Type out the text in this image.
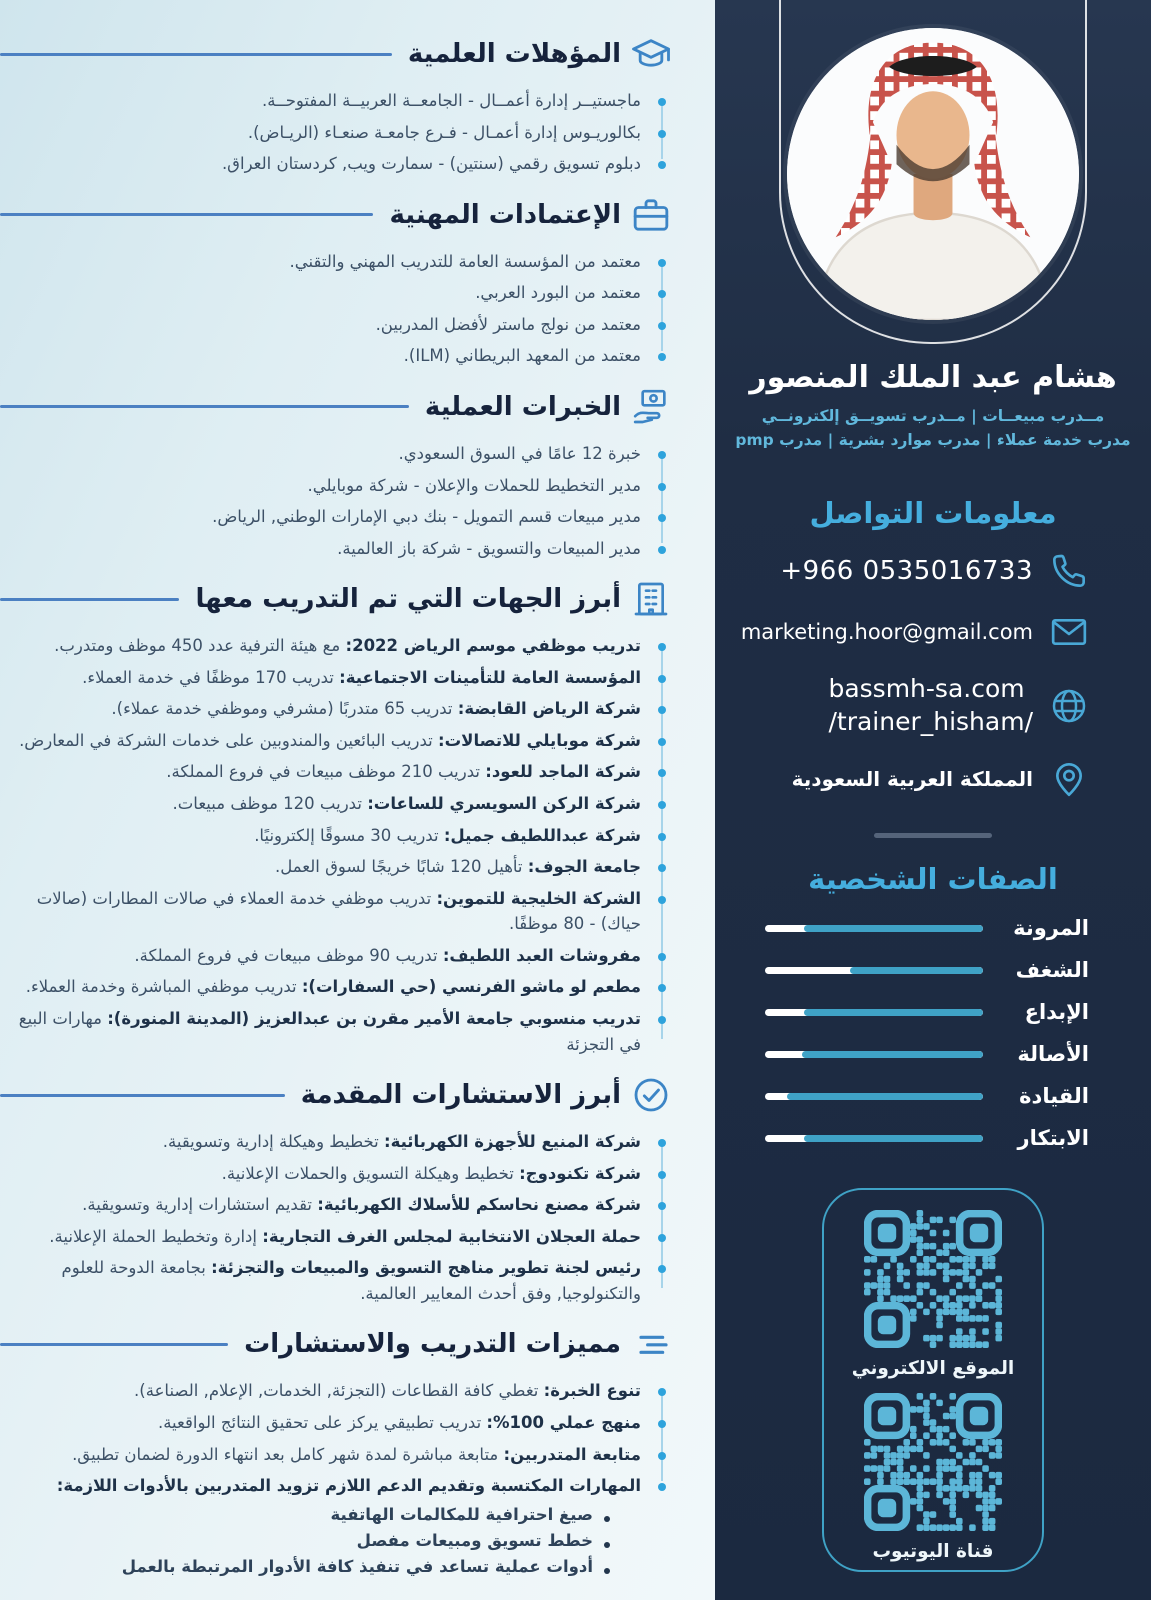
المؤهلات العلمية
ماجستيــر إدارة أعمــال - الجامعــة العربيــة المفتوحــة.
بكالوريـوس إدارة أعمـال - فـرع جامعـة صنعـاء (الريـاض).
دبلوم تسويق رقمي (سنتين) - سمارت ويب, كردستان العراق.
الإعتمادات المهنية
معتمد من المؤسسة العامة للتدريب المهني والتقني.
معتمد من البورد العربي.
معتمد من نولج ماستر لأفضل المدربين.
معتمد من المعهد البريطاني (ILM).
الخبرات العملية
خبرة 12 عامًا في السوق السعودي.
مدير التخطيط للحملات والإعلان - شركة موبايلي.
مدير مبيعات قسم التمويل - بنك دبي الإمارات الوطني, الرياض.
مدير المبيعات والتسويق - شركة باز العالمية.
أبرز الجهات التي تم التدريب معها
تدريب موظفي موسم الرياض 2022: مع هيئة الترفية عدد 450 موظف ومتدرب.
المؤسسة العامة للتأمينات الاجتماعية: تدريب 170 موظفًا في خدمة العملاء.
شركة الرياض القابضة: تدريب 65 متدربًا (مشرفي وموظفي خدمة عملاء).
شركة موبايلي للاتصالات: تدريب البائعين والمندوبين على خدمات الشركة في المعارض.
شركة الماجد للعود: تدريب 210 موظف مبيعات في فروع المملكة.
شركة الركن السويسري للساعات: تدريب 120 موظف مبيعات.
شركة عبداللطيف جميل: تدريب 30 مسوقًا إلكترونيًا.
جامعة الجوف: تأهيل 120 شابًا خريجًا لسوق العمل.
الشركة الخليجية للتموين: تدريب موظفي خدمة العملاء في صالات المطارات (صالات حياك) - 80 موظفًا.
مفروشات العبد اللطيف: تدريب 90 موظف مبيعات في فروع المملكة.
مطعم لو ماشو الفرنسي (حي السفارات): تدريب موظفي المباشرة وخدمة العملاء.
تدريب منسوبي جامعة الأمير مقرن بن عبدالعزيز (المدينة المنورة): مهارات البيع في التجزئة
أبرز الاستشارات المقدمة
شركة المنيع للأجهزة الكهربائية: تخطيط وهيكلة إدارية وتسويقية.
شركة تكنودوج: تخطيط وهيكلة التسويق والحملات الإعلانية.
شركة مصنع نحاسكم للأسلاك الكهربائية: تقديم استشارات إدارية وتسويقية.
حملة العجلان الانتخابية لمجلس الغرف التجارية: إدارة وتخطيط الحملة الإعلانية.
رئيس لجنة تطوير مناهج التسويق والمبيعات والتجزئة: بجامعة الدوحة للعلوم والتكنولوجيا, وفق أحدث المعايير العالمية.
مميزات التدريب والاستشارات
تنوع الخبرة: تغطي كافة القطاعات (التجزئة, الخدمات, الإعلام, الصناعة).
منهج عملي 100%: تدريب تطبيقي يركز على تحقيق النتائج الواقعية.
متابعة المتدربين: متابعة مباشرة لمدة شهر كامل بعد انتهاء الدورة لضمان تطبيق.
المهارات المكتسبة وتقديم الدعم اللازم تزويد المتدربين بالأدوات اللازمة:
صيغ احترافية للمكالمات الهاتفية
خطط تسويق ومبيعات مفصل
أدوات عملية تساعد في تنفيذ كافة الأدوار المرتبطة بالعمل
هشام عبد الملك المنصور
مــدرب مبيعــات | مــدرب تسويــق إلكترونــي
مدرب خدمة عملاء | مدرب موارد بشرية | مدرب pmp
معلومات التواصل
+966 0535016733
marketing.hoor@gmail.com
bassmh-sa.com
/trainer_hisham/
المملكة العربية السعودية
الصفات الشخصية
المرونة
الشغف
الإبداع
الأصالة
القيادة
الابتكار
الموقع الالكتروني
قناة اليوتيوب
